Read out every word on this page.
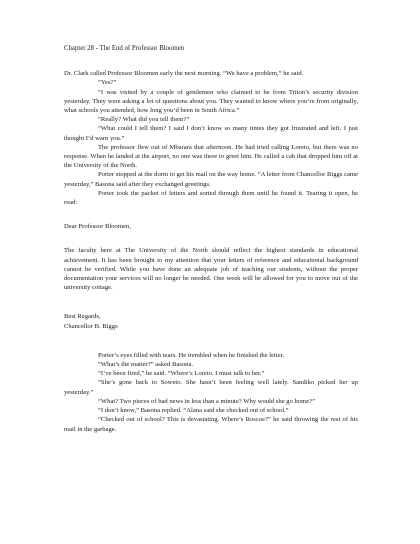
Chapter 28 - The End of Professor Bloomen

Dr. Clark called Professor Bloomen early the next morning. “We have a problem,” he said.

“Yes?”

“I was visited by a couple of gentlemen who claimed to be from Triton’s security division yesterday. They were asking a lot of questions about you. They wanted to know where you’re from originally, what schools you attended, how long you’d been in South Africa.”

“Really? What did you tell them?”

“What could I tell them? I said I don’t know so many times they got frustrated and left. I just thought I’d warn you.”

The professor flew out of Mbarara that afternoon. He had tried calling Loreto, but there was no response. When he landed at the airport, no one was there to greet him. He called a cab that dropped him off at the University of the North.

Porter stopped at the dorm to get his mail on the way home. “A letter from Chancellor Biggs came yesterday,” Basona said after they exchanged greetings.

Porter took the packet of letters and sorted through them until he found it. Tearing it open, he read:

Dear Professor Bloomen,

The faculty here at The University of the North should reflect the highest standards in educational achievement. It has been brought to my attention that your letters of reference and educational background cannot be verified. While you have done an adequate job of teaching our students, without the proper documentation your services will no longer be needed. One week will be allowed for you to move out of the university cottage.

Best Regards,

Chancellor B. Biggs

Porter’s eyes filled with tears. He trembled when he finished the letter.

“What’s the matter?” asked Basona.

“I’ve been fired,” he said. “Where’s Loreto. I must talk to her.”

“She’s gone back to Soweto. She hasn’t been feeling well lately. Sandiko picked her up yesterday.”

“What? Two pieces of bad news in less than a minute? Why would she go home?”

“I don’t know,” Basona replied. “Alana said she checked out of school.”

“Checked out of school? This is devastating. Where’s Roscoe?” he said throwing the rest of his mail in the garbage.
